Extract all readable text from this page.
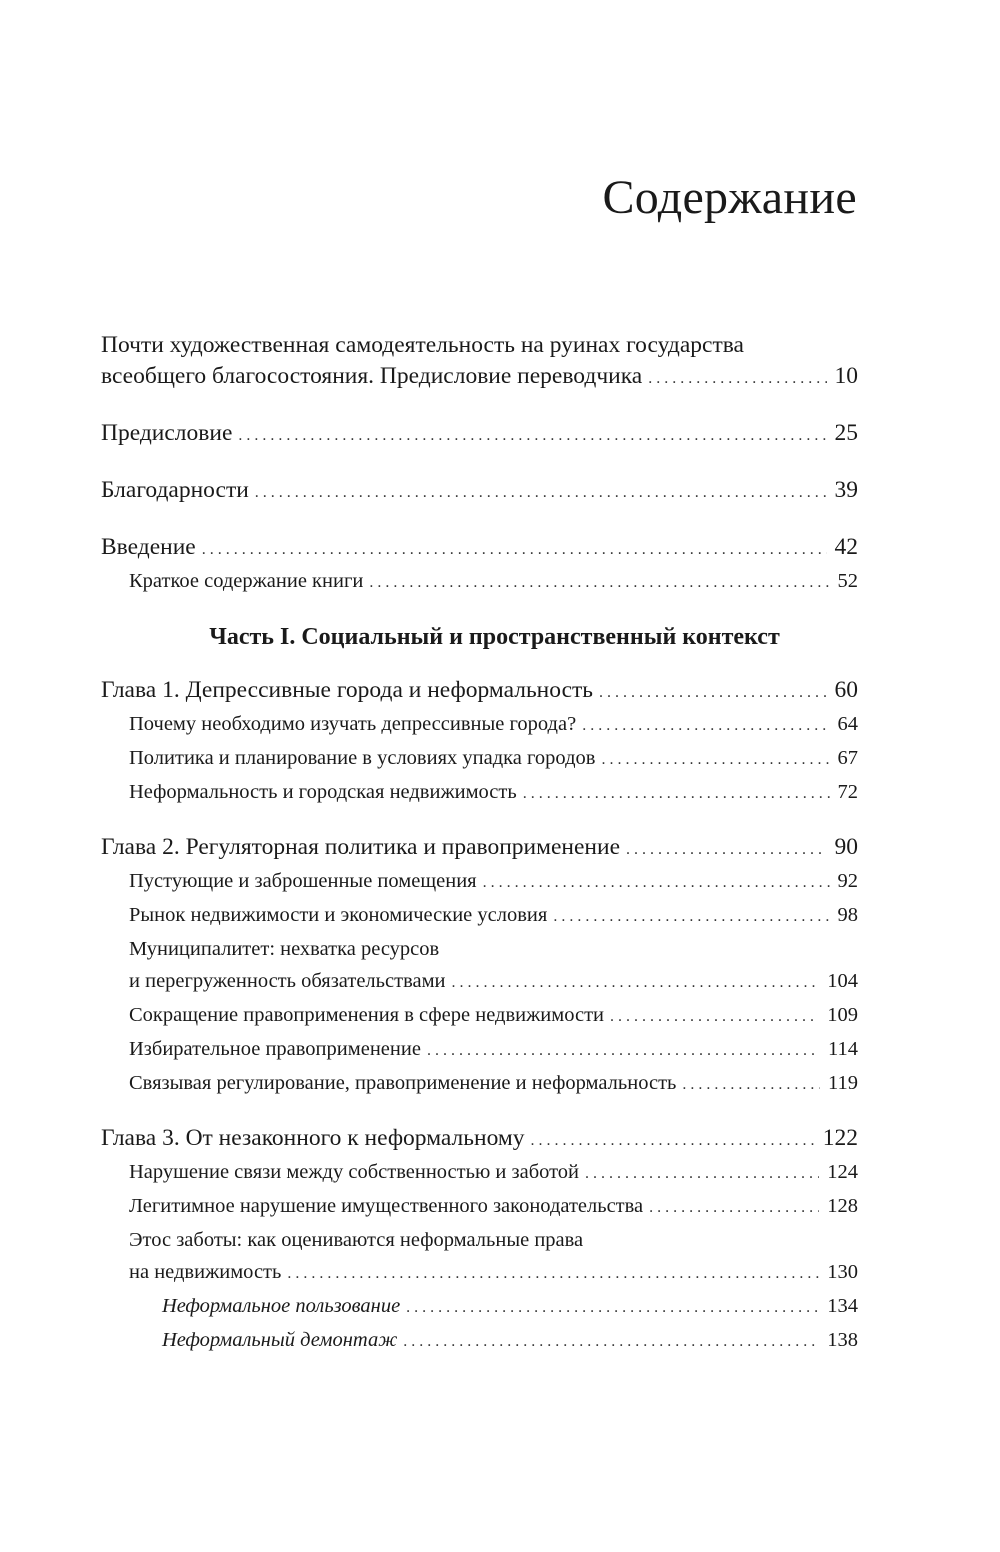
Содержание
Почти художественная самодеятельность на руинах государства
всеобщего благосостояния. Предисловие переводчика . . .	10
Предисловие . . .	25
Благодарности . . .	39
Введение . . .	42
Краткое содержание книги . . .	52
Часть I. Социальный и пространственный контекст
Глава 1. Депрессивные города и неформальность . . .	60
Почему необходимо изучать депрессивные города? . . .	64
Политика и планирование в условиях упадка городов . . .	67
Неформальность и городская недвижимость . . .	72
Глава 2. Регуляторная политика и правоприменение . . .	90
Пустующие и заброшенные помещения . . .	92
Рынок недвижимости и экономические условия . . .	98
Муниципалитет: нехватка ресурсов
и перегруженность обязательствами . . .	104
Сокращение правоприменения в сфере недвижимости . . .	109
Избирательное правоприменение . . .	114
Связывая регулирование, правоприменение и неформальность . . .	119
Глава 3. От незаконного к неформальному . . .	122
Нарушение связи между собственностью и заботой . . .	124
Легитимное нарушение имущественного законодательства . . .	128
Этос заботы: как оцениваются неформальные права
на недвижимость . . .	130
Неформальное пользование . . .	134
Неформальный демонтаж . . .	138
